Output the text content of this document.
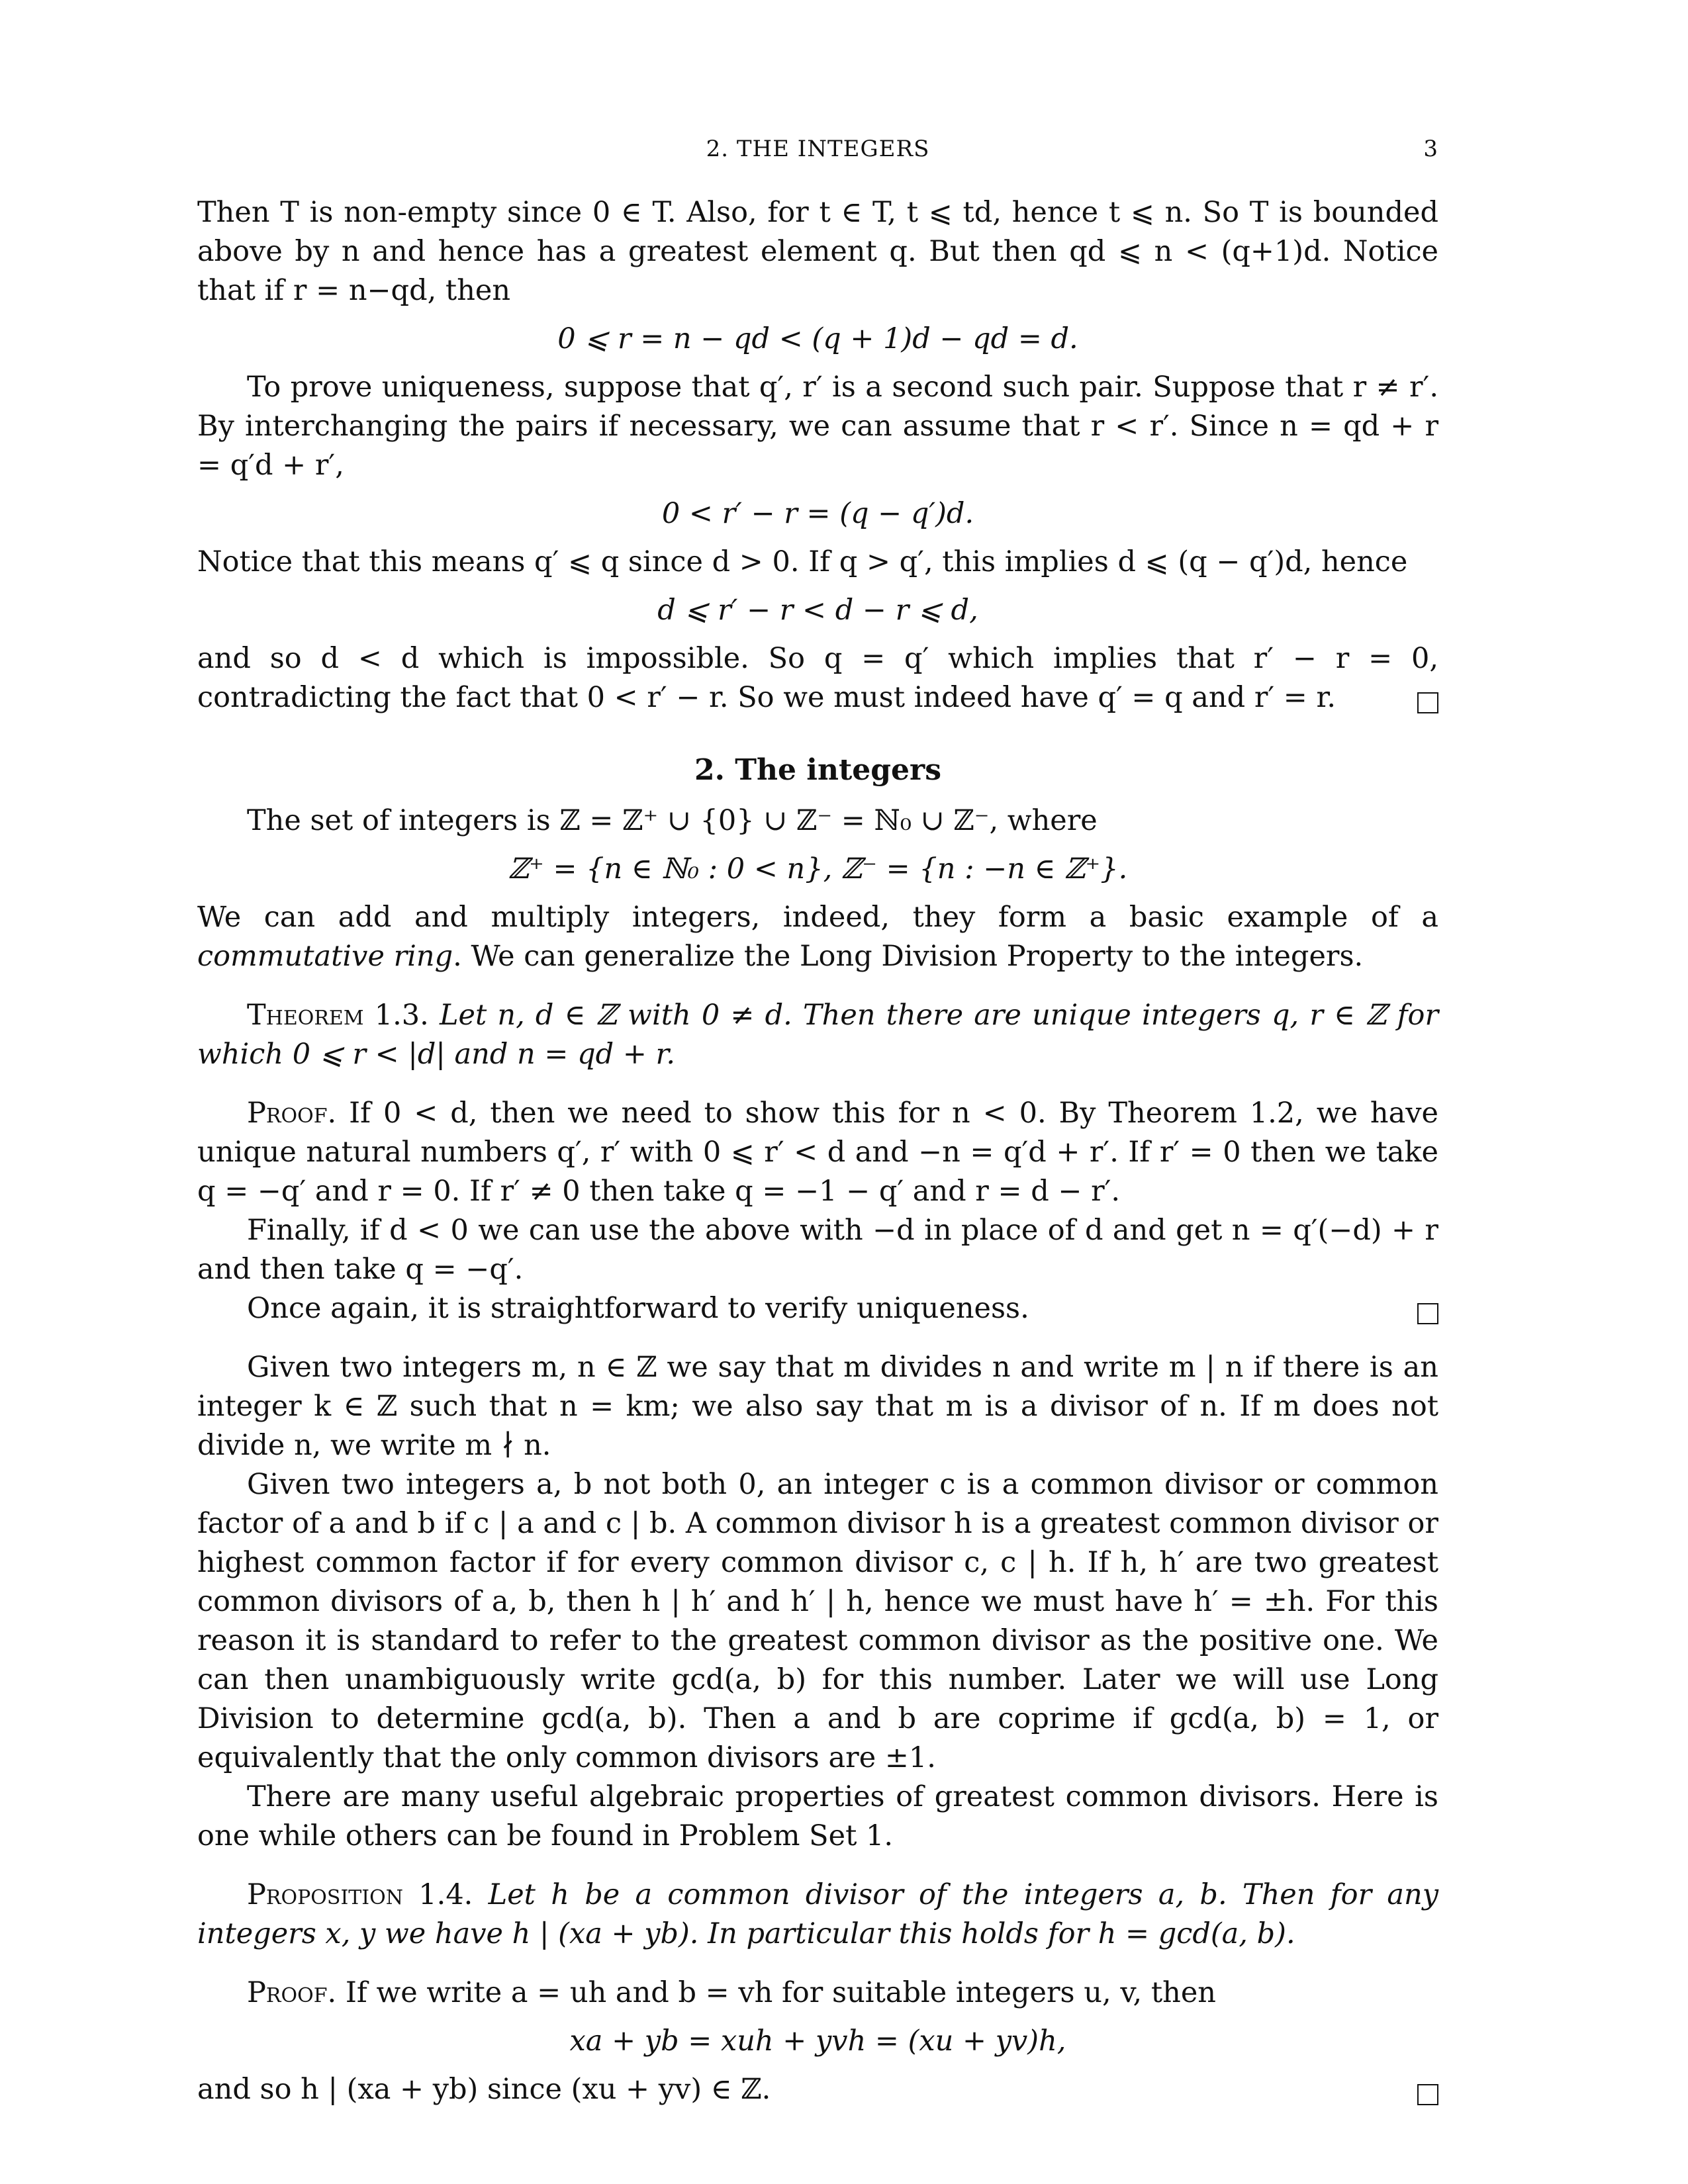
2. THE INTEGERS	3

Then T is non-empty since 0 ∈ T. Also, for t ∈ T, t ⩽ td, hence t ⩽ n. So T is bounded above by n and hence has a greatest element q. But then qd ⩽ n < (q+1)d. Notice that if r = n−qd, then

0 ⩽ r = n − qd < (q + 1)d − qd = d.

To prove uniqueness, suppose that q′, r′ is a second such pair. Suppose that r ≠ r′. By interchanging the pairs if necessary, we can assume that r < r′. Since n = qd + r = q′d + r′,

0 < r′ − r = (q − q′)d.

Notice that this means q′ ⩽ q since d > 0. If q > q′, this implies d ⩽ (q − q′)d, hence

d ⩽ r′ − r < d − r ⩽ d,

and so d < d which is impossible. So q = q′ which implies that r′ − r = 0, contradicting the fact that 0 < r′ − r. So we must indeed have q′ = q and r′ = r.

2. The integers

The set of integers is ℤ = ℤ⁺ ∪ {0} ∪ ℤ⁻ = ℕ₀ ∪ ℤ⁻, where

ℤ⁺ = {n ∈ ℕ₀ : 0 < n}, ℤ⁻ = {n : −n ∈ ℤ⁺}.

We can add and multiply integers, indeed, they form a basic example of a commutative ring. We can generalize the Long Division Property to the integers.

Theorem 1.3. Let n, d ∈ ℤ with 0 ≠ d. Then there are unique integers q, r ∈ ℤ for which 0 ⩽ r < |d| and n = qd + r.

Proof. If 0 < d, then we need to show this for n < 0. By Theorem 1.2, we have unique natural numbers q′, r′ with 0 ⩽ r′ < d and −n = q′d + r′. If r′ = 0 then we take q = −q′ and r = 0. If r′ ≠ 0 then take q = −1 − q′ and r = d − r′.

Finally, if d < 0 we can use the above with −d in place of d and get n = q′(−d) + r and then take q = −q′.

Once again, it is straightforward to verify uniqueness.

Given two integers m, n ∈ ℤ we say that m divides n and write m | n if there is an integer k ∈ ℤ such that n = km; we also say that m is a divisor of n. If m does not divide n, we write m ∤ n.

Given two integers a, b not both 0, an integer c is a common divisor or common factor of a and b if c | a and c | b. A common divisor h is a greatest common divisor or highest common factor if for every common divisor c, c | h. If h, h′ are two greatest common divisors of a, b, then h | h′ and h′ | h, hence we must have h′ = ±h. For this reason it is standard to refer to the greatest common divisor as the positive one. We can then unambiguously write gcd(a, b) for this number. Later we will use Long Division to determine gcd(a, b). Then a and b are coprime if gcd(a, b) = 1, or equivalently that the only common divisors are ±1.

There are many useful algebraic properties of greatest common divisors. Here is one while others can be found in Problem Set 1.

Proposition 1.4. Let h be a common divisor of the integers a, b. Then for any integers x, y we have h | (xa + yb). In particular this holds for h = gcd(a, b).

Proof. If we write a = uh and b = vh for suitable integers u, v, then

xa + yb = xuh + yvh = (xu + yv)h,

and so h | (xa + yb) since (xu + yv) ∈ ℤ.
